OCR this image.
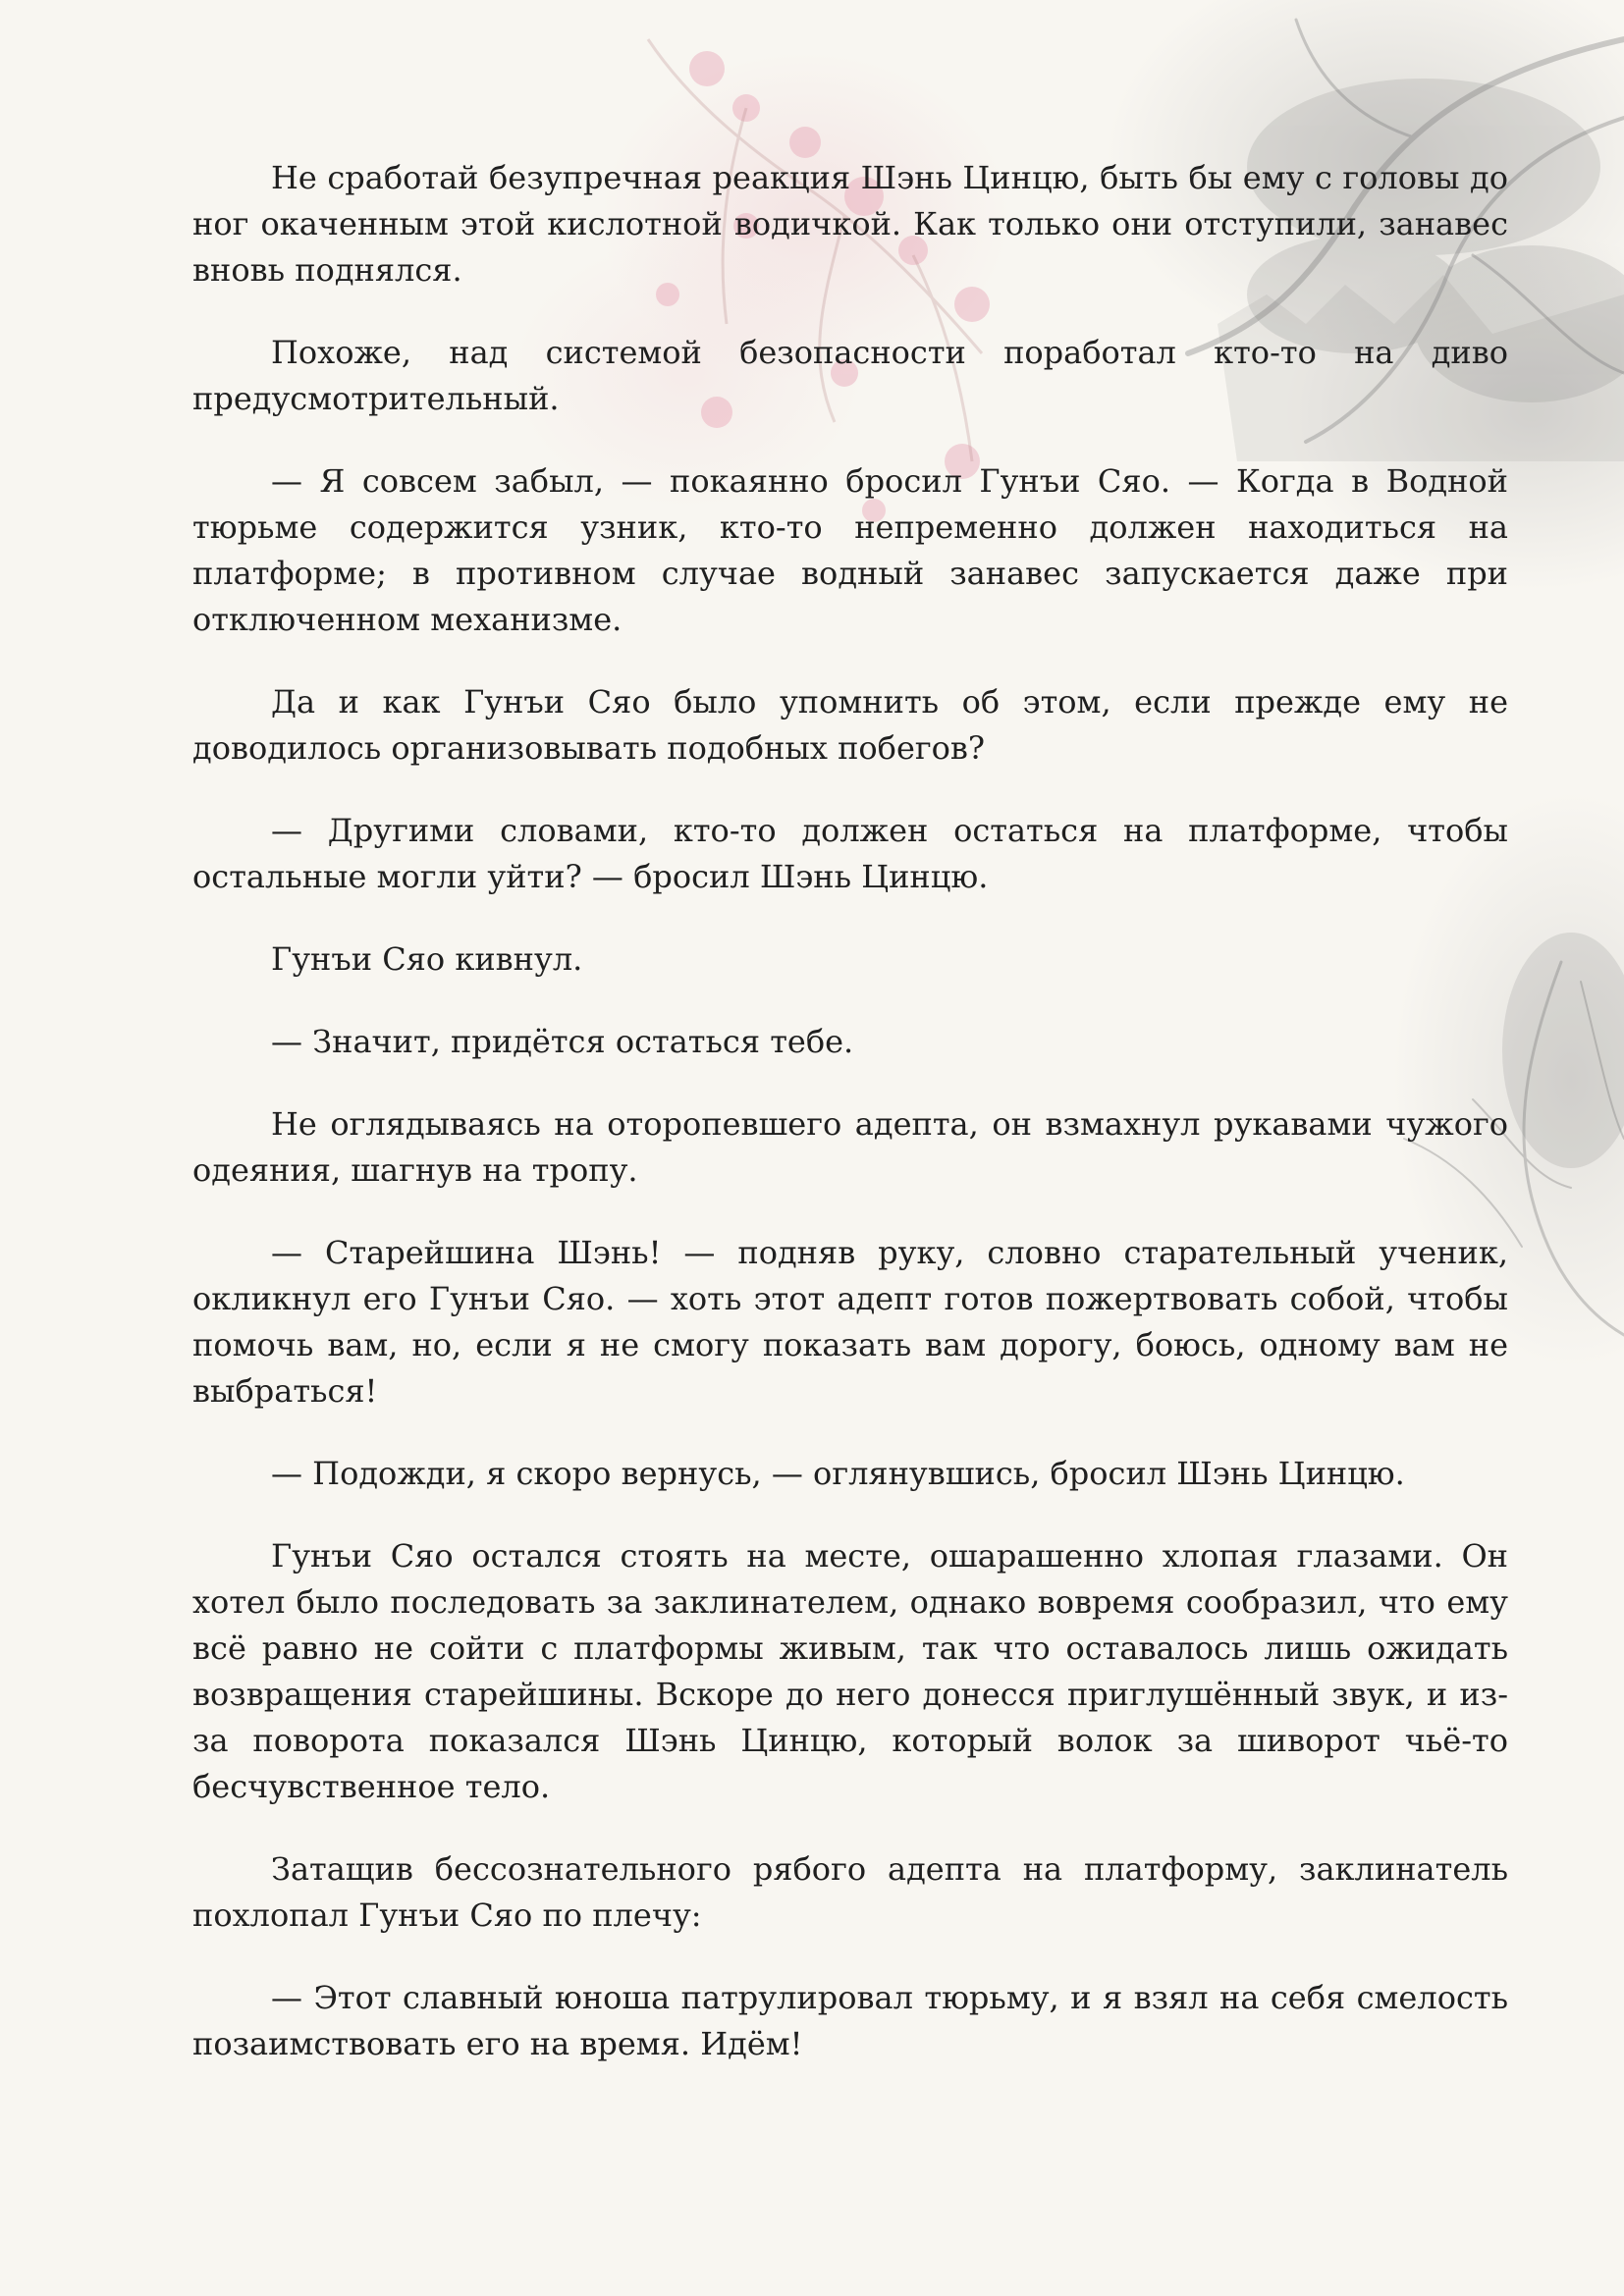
Не сработай безупречная реакция Шэнь Цинцю, быть бы ему с головы до ног окаченным этой кислотной водичкой. Как только они отступили, занавес вновь поднялся.

Похоже, над системой безопасности поработал кто-то на диво предусмотрительный.

— Я совсем забыл, — покаянно бросил Гунъи Сяо. — Когда в Водной тюрьме содержится узник, кто-то непременно должен находиться на платформе; в противном случае водный занавес запускается даже при отключенном механизме.

Да и как Гунъи Сяо было упомнить об этом, если прежде ему не доводилось организовывать подобных побегов?

— Другими словами, кто-то должен остаться на платформе, чтобы остальные могли уйти? — бросил Шэнь Цинцю.

Гунъи Сяо кивнул.

— Значит, придётся остаться тебе.

Не оглядываясь на оторопевшего адепта, он взмахнул рукавами чужого одеяния, шагнув на тропу.

— Старейшина Шэнь! — подняв руку, словно старательный ученик, окликнул его Гунъи Сяо. — хоть этот адепт готов пожертвовать собой, чтобы помочь вам, но, если я не смогу показать вам дорогу, боюсь, одному вам не выбраться!

— Подожди, я скоро вернусь, — оглянувшись, бросил Шэнь Цинцю.

Гунъи Сяо остался стоять на месте, ошарашенно хлопая глазами. Он хотел было последовать за заклинателем, однако вовремя сообразил, что ему всё равно не сойти с платформы живым, так что оставалось лишь ожидать возвращения старейшины. Вскоре до него донесся приглушённый звук, и из-за поворота показался Шэнь Цинцю, который волок за шиворот чьё-то бесчувственное тело.

Затащив бессознательного рябого адепта на платформу, заклинатель похлопал Гунъи Сяо по плечу:

— Этот славный юноша патрулировал тюрьму, и я взял на себя смелость позаимствовать его на время. Идём!
